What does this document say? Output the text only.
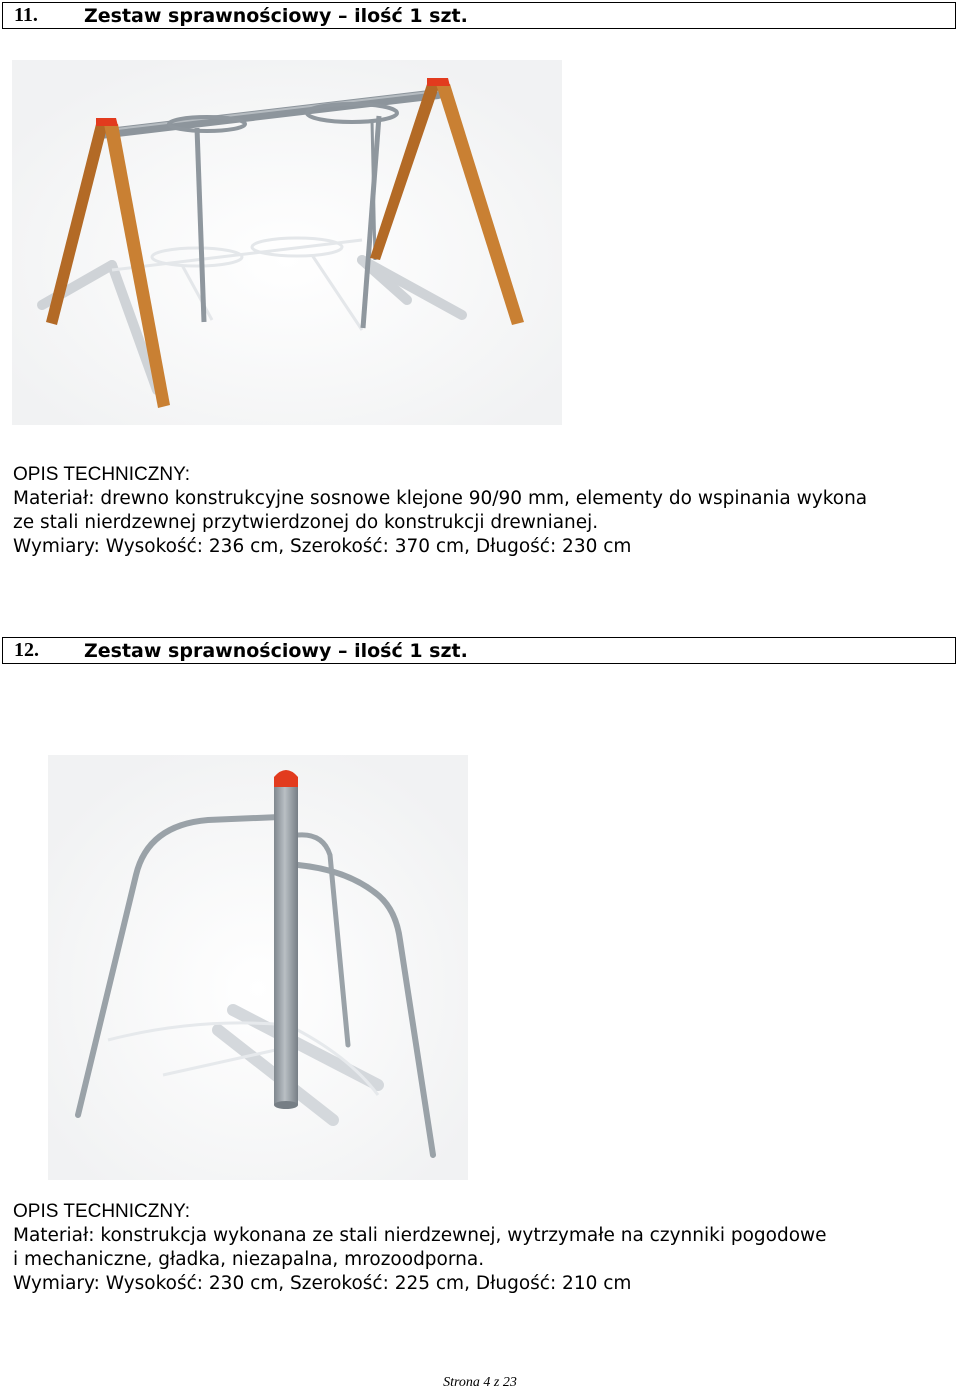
11.	Zestaw sprawnościowy – ilość 1 szt.
OPIS TECHNICZNY:
Materiał: drewno konstrukcyjne sosnowe klejone 90/90 mm, elementy do wspinania wykona
ze stali nierdzewnej przytwierdzonej do konstrukcji drewnianej.
Wymiary: Wysokość: 236 cm, Szerokość: 370 cm, Długość: 230 cm
12.	Zestaw sprawnościowy – ilość 1 szt.
OPIS TECHNICZNY:
Materiał: konstrukcja wykonana ze stali nierdzewnej, wytrzymałe na czynniki pogodowe
i mechaniczne, gładka, niezapalna, mrozoodporna.
Wymiary: Wysokość: 230 cm, Szerokość: 225 cm, Długość: 210 cm
Strona 4 z 23
